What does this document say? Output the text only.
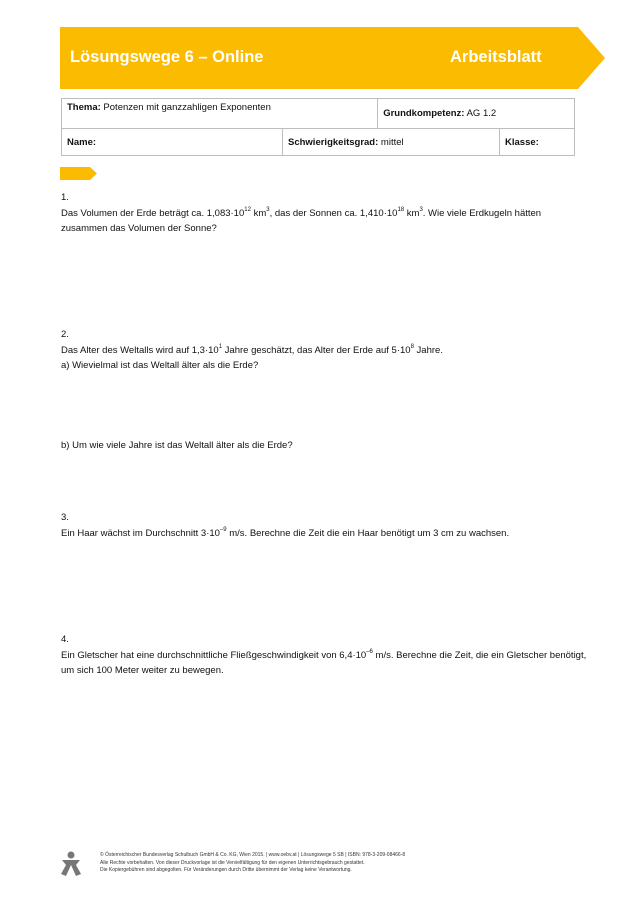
Lösungswege 6 – Online	Arbeitsblatt
Thema: Potenzen mit ganzzahligen Exponenten		Grundkompetenz: AG 1.2	
Name:	Schwierigkeitsgrad: mittel		Klasse:

1.

Das Volumen der Erde beträgt ca. $1,083\cdot 10^{12}$ $km^3$, das der Sonnen ca. $1,410\cdot 10^{18}$ $km^3$. Wie viele Erdkugeln hätten

zusammen das Volumen der Sonne?

2.

Das Alter des Weltalls wird auf $1,3\cdot 10^1$ Jahre geschätzt, das Alter der Erde auf $5\cdot 10^8$ Jahre.

a) Wievielmal ist das Weltall älter als die Erde?

b) Um wie viele Jahre ist das Weltall älter als die Erde?

3.

Ein Haar wächst im Durchschnitt $3\cdot 10^{-9}$ m/s. Berechne die Zeit die ein Haar benötigt um 3 cm zu wachsen.

4.

Ein Gletscher hat eine durchschnittliche Fließgeschwindigkeit von $6,4\cdot 10^{-6}$ m/s. Berechne die Zeit, die ein Gletscher benötigt,

um sich 100 Meter weiter zu bewegen.

© Österreichischer Bundesverlag Schulbuch GmbH & Co. KG, Wien 2015. | www.oebv.at | Lösungswege 5 SB | ISBN: 978-3-209-08466-8
Alle Rechte vorbehalten. Von dieser Druckvorlage ist die Vervielfältigung für den eigenen Unterrichtsgebrauch gestattet.
Die Kopiergebühren sind abgegolten. Für Veränderungen durch Dritte übernimmt der Verlag keine Verantwortung.
